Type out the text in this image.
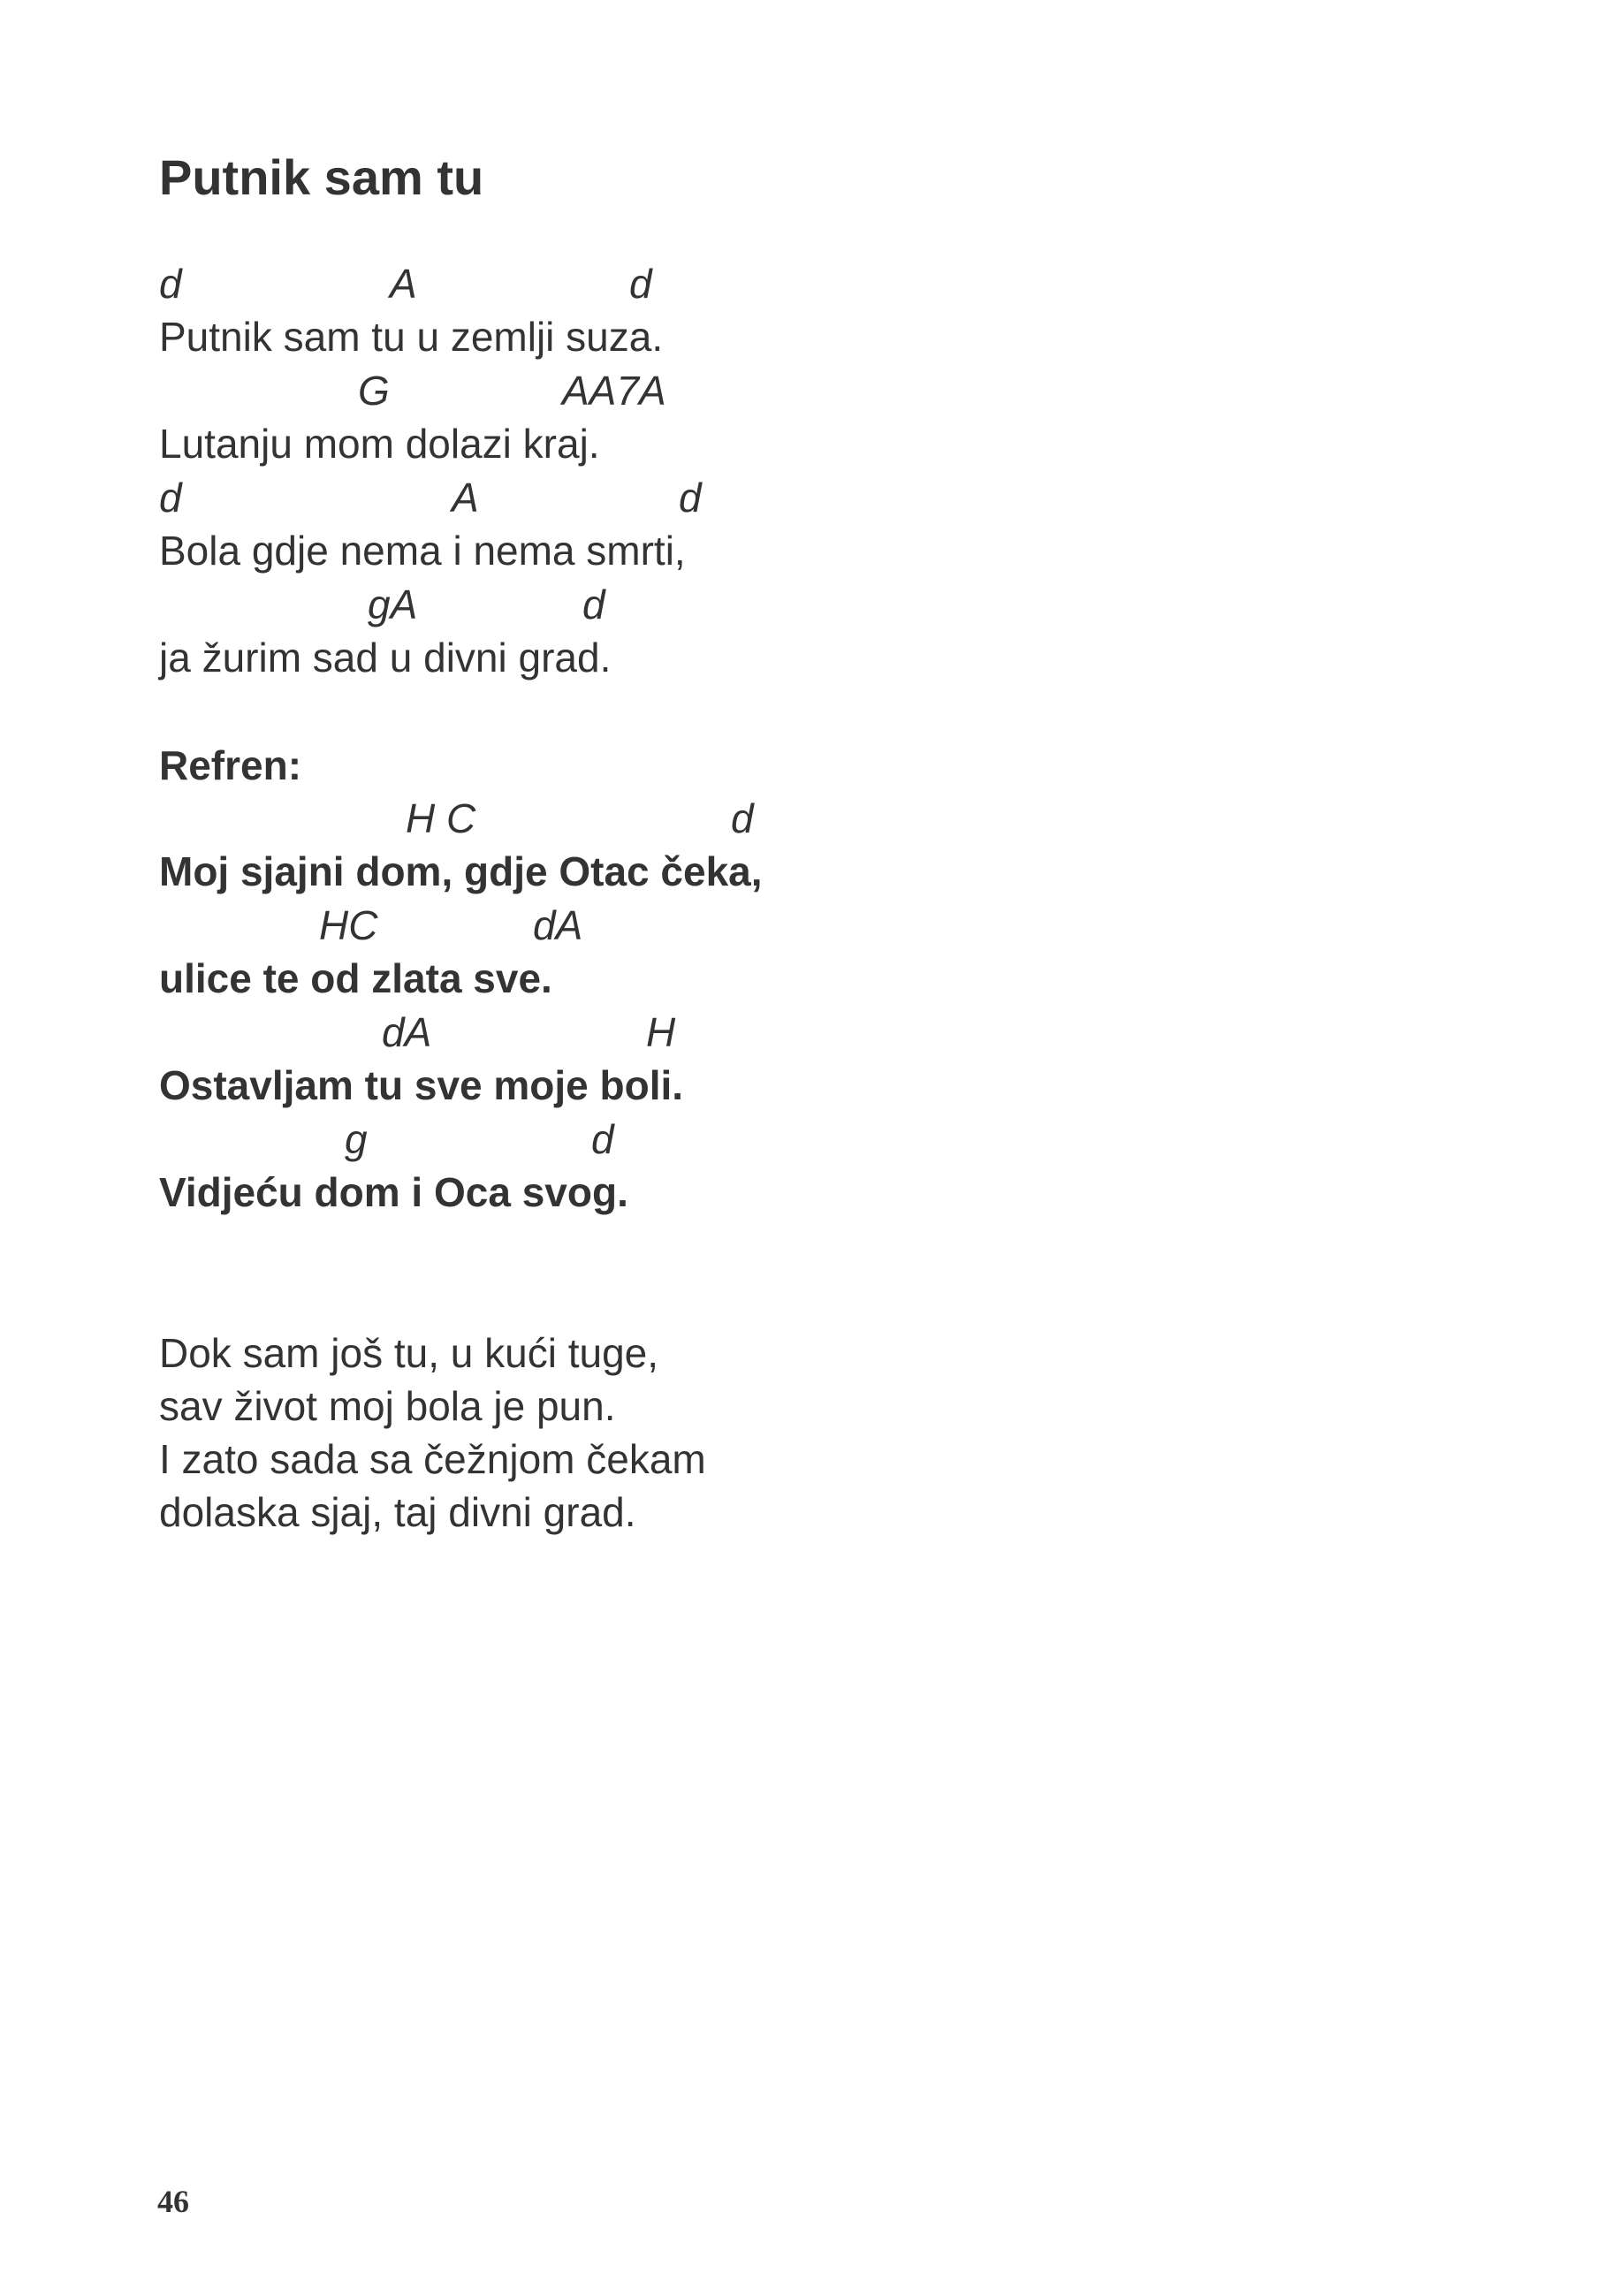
Putnik sam tu
d	A	d
Putnik sam tu u zemlji suza.
G	AA7A
Lutanju mom dolazi kraj.
d	A	d
Bola gdje nema i nema smrti,
gA	d
ja žurim sad u divni grad.
Refren:
H C	d
Moj sjajni dom, gdje Otac čeka,
HC	dA
ulice te od zlata sve.
dA	H
Ostavljam tu sve moje boli.
g	d
Vidjeću dom i Oca svog.
Dok sam još tu, u kući tuge,
sav život moj bola je pun.
I zato sada sa čežnjom čekam
dolaska sjaj, taj divni grad.
46
